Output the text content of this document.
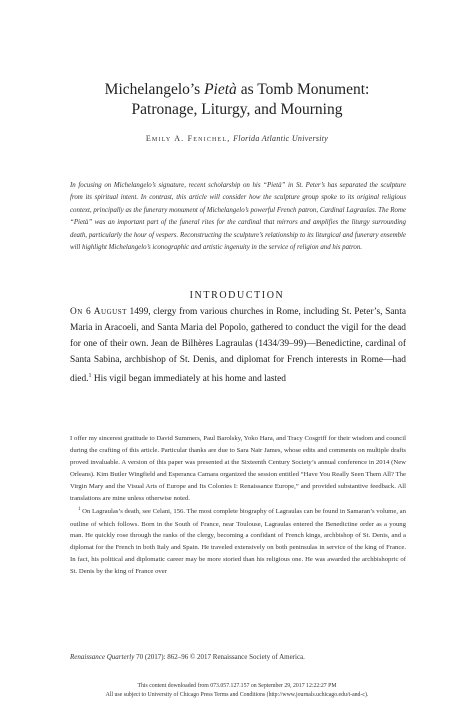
Michelangelo’s Pietà as Tomb Monument:
Patronage, Liturgy, and Mourning
Emily A. Fenichel, Florida Atlantic University
In focusing on Michelangelo’s signature, recent scholarship on his “Pietà” in St. Peter’s has separated the sculpture from its spiritual intent. In contrast, this article will consider how the sculpture group spoke to its original religious context, principally as the funerary monument of Michelangelo’s powerful French patron, Cardinal Lagraulas. The Rome “Pietà” was an important part of the funeral rites for the cardinal that mirrors and amplifies the liturgy surrounding death, particularly the hour of vespers. Reconstructing the sculpture’s relationship to its liturgical and funerary ensemble will highlight Michelangelo’s iconographic and artistic ingenuity in the service of religion and his patron.
INTRODUCTION
On 6 August 1499, clergy from various churches in Rome, including St. Peter’s, Santa Maria in Aracoeli, and Santa Maria del Popolo, gathered to conduct the vigil for the dead for one of their own. Jean de Bilhères Lagraulas (1434/39–99)—Benedictine, cardinal of Santa Sabina, archbishop of St. Denis, and diplomat for French interests in Rome—had died.$^1$ His vigil began immediately at his home and lasted

I offer my sincerest gratitude to David Summers, Paul Barolsky, Yoko Hara, and Tracy Cosgriff for their wisdom and council during the crafting of this article. Particular thanks are due to Sara Nair James, whose edits and comments on multiple drafts proved invaluable. A version of this paper was presented at the Sixteenth Century Society’s annual conference in 2014 (New Orleans). Kim Butler Wingfield and Esperanca Camara organized the session entitled “Have You Really Seen Them All? The Virgin Mary and the Visual Arts of Europe and Its Colonies I: Renaissance Europe,” and provided substantive feedback. All translations are mine unless otherwise noted.

$^1$ On Lagraulas’s death, see Celani, 156. The most complete biography of Lagraulas can be found in Samaran’s volume, an outline of which follows. Born in the South of France, near Toulouse, Lagraulas entered the Benedictine order as a young man. He quickly rose through the ranks of the clergy, becoming a confidant of French kings, archbishop of St. Denis, and a diplomat for the French in both Italy and Spain. He traveled extensively on both peninsulas in service of the king of France. In fact, his political and diplomatic career may be more storied than his religious one. He was awarded the archbishopric of St. Denis by the king of France over

Renaissance Quarterly 70 (2017): 862–96 © 2017 Renaissance Society of America.
This content downloaded from 073.057.127.157 on September 29, 2017 12:22:27 PM
All use subject to University of Chicago Press Terms and Conditions (http://www.journals.uchicago.edu/t-and-c).
